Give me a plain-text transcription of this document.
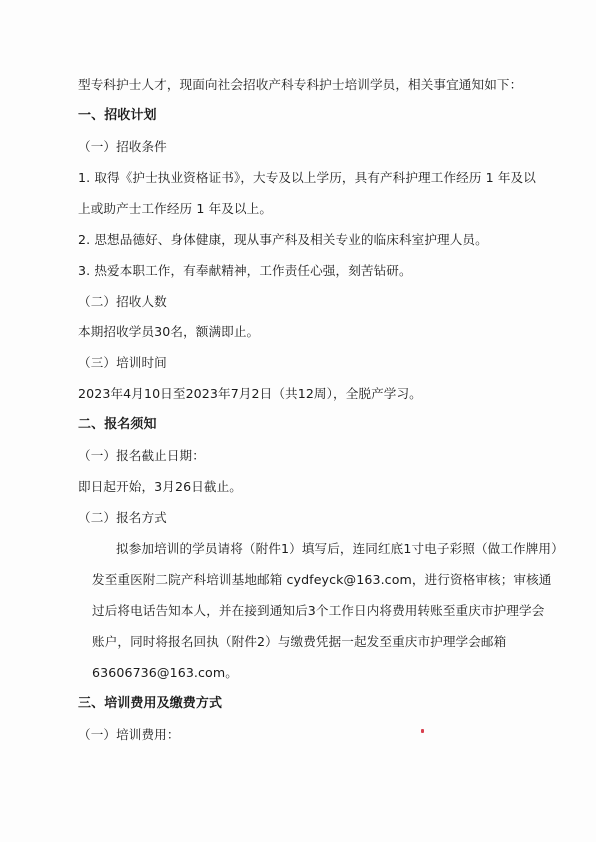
型专科护士人才，现面向社会招收产科专科护士培训学员，相关事宜通知如下：
一、招收计划
（一）招收条件
1. 取得《护士执业资格证书》，大专及以上学历，具有产科护理工作经历 1 年及以
上或助产士工作经历 1 年及以上。
2. 思想品德好、身体健康，现从事产科及相关专业的临床科室护理人员。
3. 热爱本职工作，有奉献精神，工作责任心强，刻苦钻研。
（二）招收人数
本期招收学员30名，额满即止。
（三）培训时间
2023年4月10日至2023年7月2日（共12周），全脱产学习。
二、报名须知
（一）报名截止日期：
即日起开始，3月26日截止。
（二）报名方式
拟参加培训的学员请将（附件1）填写后，连同红底1寸电子彩照（做工作牌用）
发至重医附二院产科培训基地邮箱 cydfeyck@163.com，进行资格审核；审核通
过后将电话告知本人，并在接到通知后3个工作日内将费用转账至重庆市护理学会
账户，同时将报名回执（附件2）与缴费凭据一起发至重庆市护理学会邮箱
63606736@163.com。
三、培训费用及缴费方式
（一）培训费用：
